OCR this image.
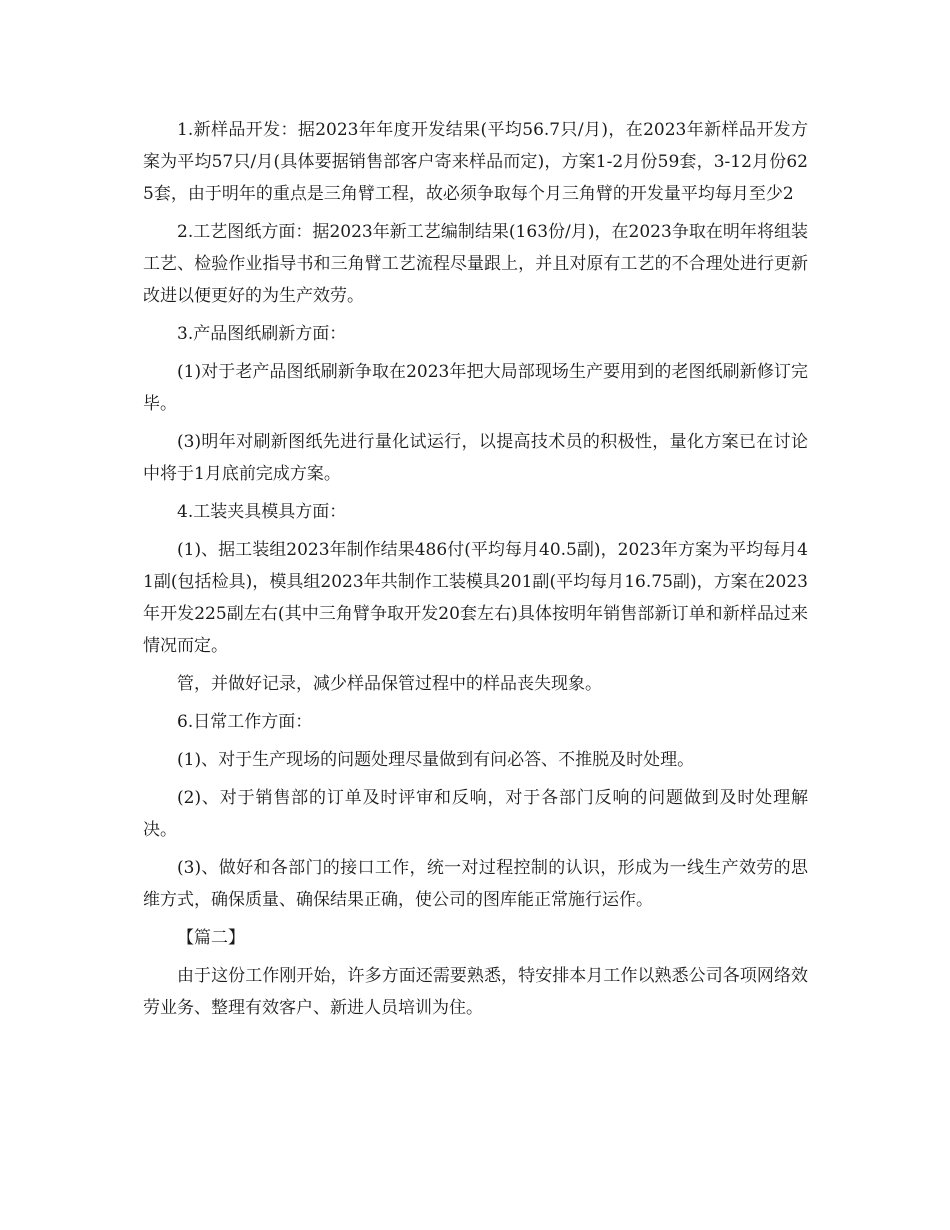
1.新样品开发：据2023年年度开发结果(平均56.7只/月)，在2023年新样品开发方案为平均57只/月(具体要据销售部客户寄来样品而定)，方案1-2月份59套，3-12月份625套，由于明年的重点是三角臂工程，故必须争取每个月三角臂的开发量平均每月至少2

2.工艺图纸方面：据2023年新工艺编制结果(163份/月)，在2023争取在明年将组装工艺、检验作业指导书和三角臂工艺流程尽量跟上，并且对原有工艺的不合理处进行更新改进以便更好的为生产效劳。

3.产品图纸刷新方面：

(1)对于老产品图纸刷新争取在2023年把大局部现场生产要用到的老图纸刷新修订完毕。

(3)明年对刷新图纸先进行量化试运行，以提高技术员的积极性，量化方案已在讨论中将于1月底前完成方案。

4.工装夹具模具方面：

(1)、据工装组2023年制作结果486付(平均每月40.5副)，2023年方案为平均每月41副(包括检具)，模具组2023年共制作工装模具201副(平均每月16.75副)，方案在2023年开发225副左右(其中三角臂争取开发20套左右)具体按明年销售部新订单和新样品过来情况而定。

管，并做好记录，减少样品保管过程中的样品丧失现象。

6.日常工作方面：

(1)、对于生产现场的问题处理尽量做到有问必答、不推脱及时处理。

(2)、对于销售部的订单及时评审和反响，对于各部门反响的问题做到及时处理解决。

(3)、做好和各部门的接口工作，统一对过程控制的认识，形成为一线生产效劳的思维方式，确保质量、确保结果正确，使公司的图库能正常施行运作。

【篇二】

由于这份工作刚开始，许多方面还需要熟悉，特安排本月工作以熟悉公司各项网络效劳业务、整理有效客户、新进人员培训为住。
